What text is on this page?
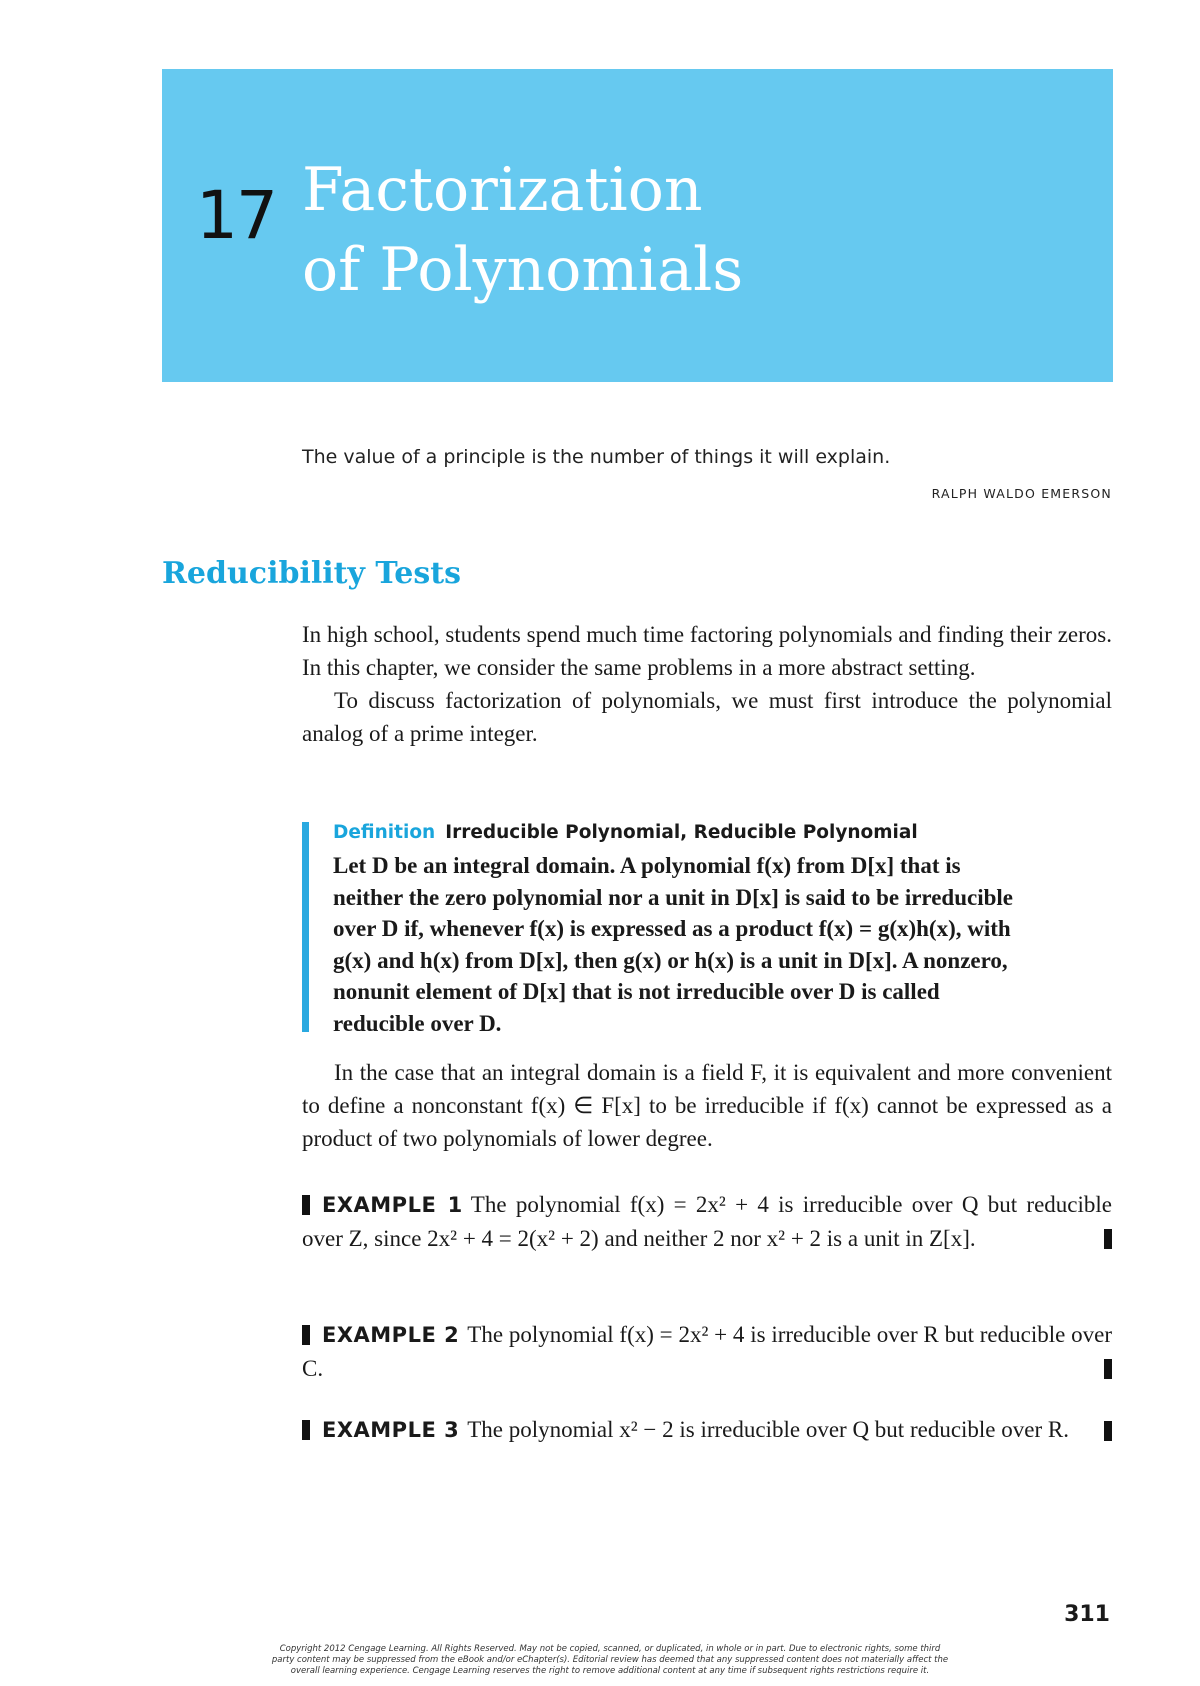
17 Factorization
of Polynomials
The value of a principle is the number of things it will explain.
RALPH WALDO EMERSON
Reducibility Tests

In high school, students spend much time factoring polynomials and finding their zeros. In this chapter, we consider the same problems in a more abstract setting.

To discuss factorization of polynomials, we must first introduce the polynomial analog of a prime integer.

Definition Irreducible Polynomial, Reducible Polynomial
Let D be an integral domain. A polynomial f(x) from D[x] that is
neither the zero polynomial nor a unit in D[x] is said to be irreducible
over D if, whenever f(x) is expressed as a product f(x) = g(x)h(x), with
g(x) and h(x) from D[x], then g(x) or h(x) is a unit in D[x]. A nonzero,
nonunit element of D[x] that is not irreducible over D is called
reducible over D.

In the case that an integral domain is a field F, it is equivalent and more convenient to define a nonconstant f(x) ∈ F[x] to be irreducible if f(x) cannot be expressed as a product of two polynomials of lower degree.

EXAMPLE 1 The polynomial f(x) = 2x² + 4 is irreducible over Q but reducible over Z, since 2x² + 4 = 2(x² + 2) and neither 2 nor x² + 2 is a unit in Z[x].
EXAMPLE 2 The polynomial f(x) = 2x² + 4 is irreducible over R but reducible over C.
EXAMPLE 3 The polynomial x² − 2 is irreducible over Q but reducible over R.
311
Copyright 2012 Cengage Learning. All Rights Reserved. May not be copied, scanned, or duplicated, in whole or in part. Due to electronic rights, some third party content may be suppressed from the eBook and/or eChapter(s). Editorial review has deemed that any suppressed content does not materially affect the overall learning experience. Cengage Learning reserves the right to remove additional content at any time if subsequent rights restrictions require it.
